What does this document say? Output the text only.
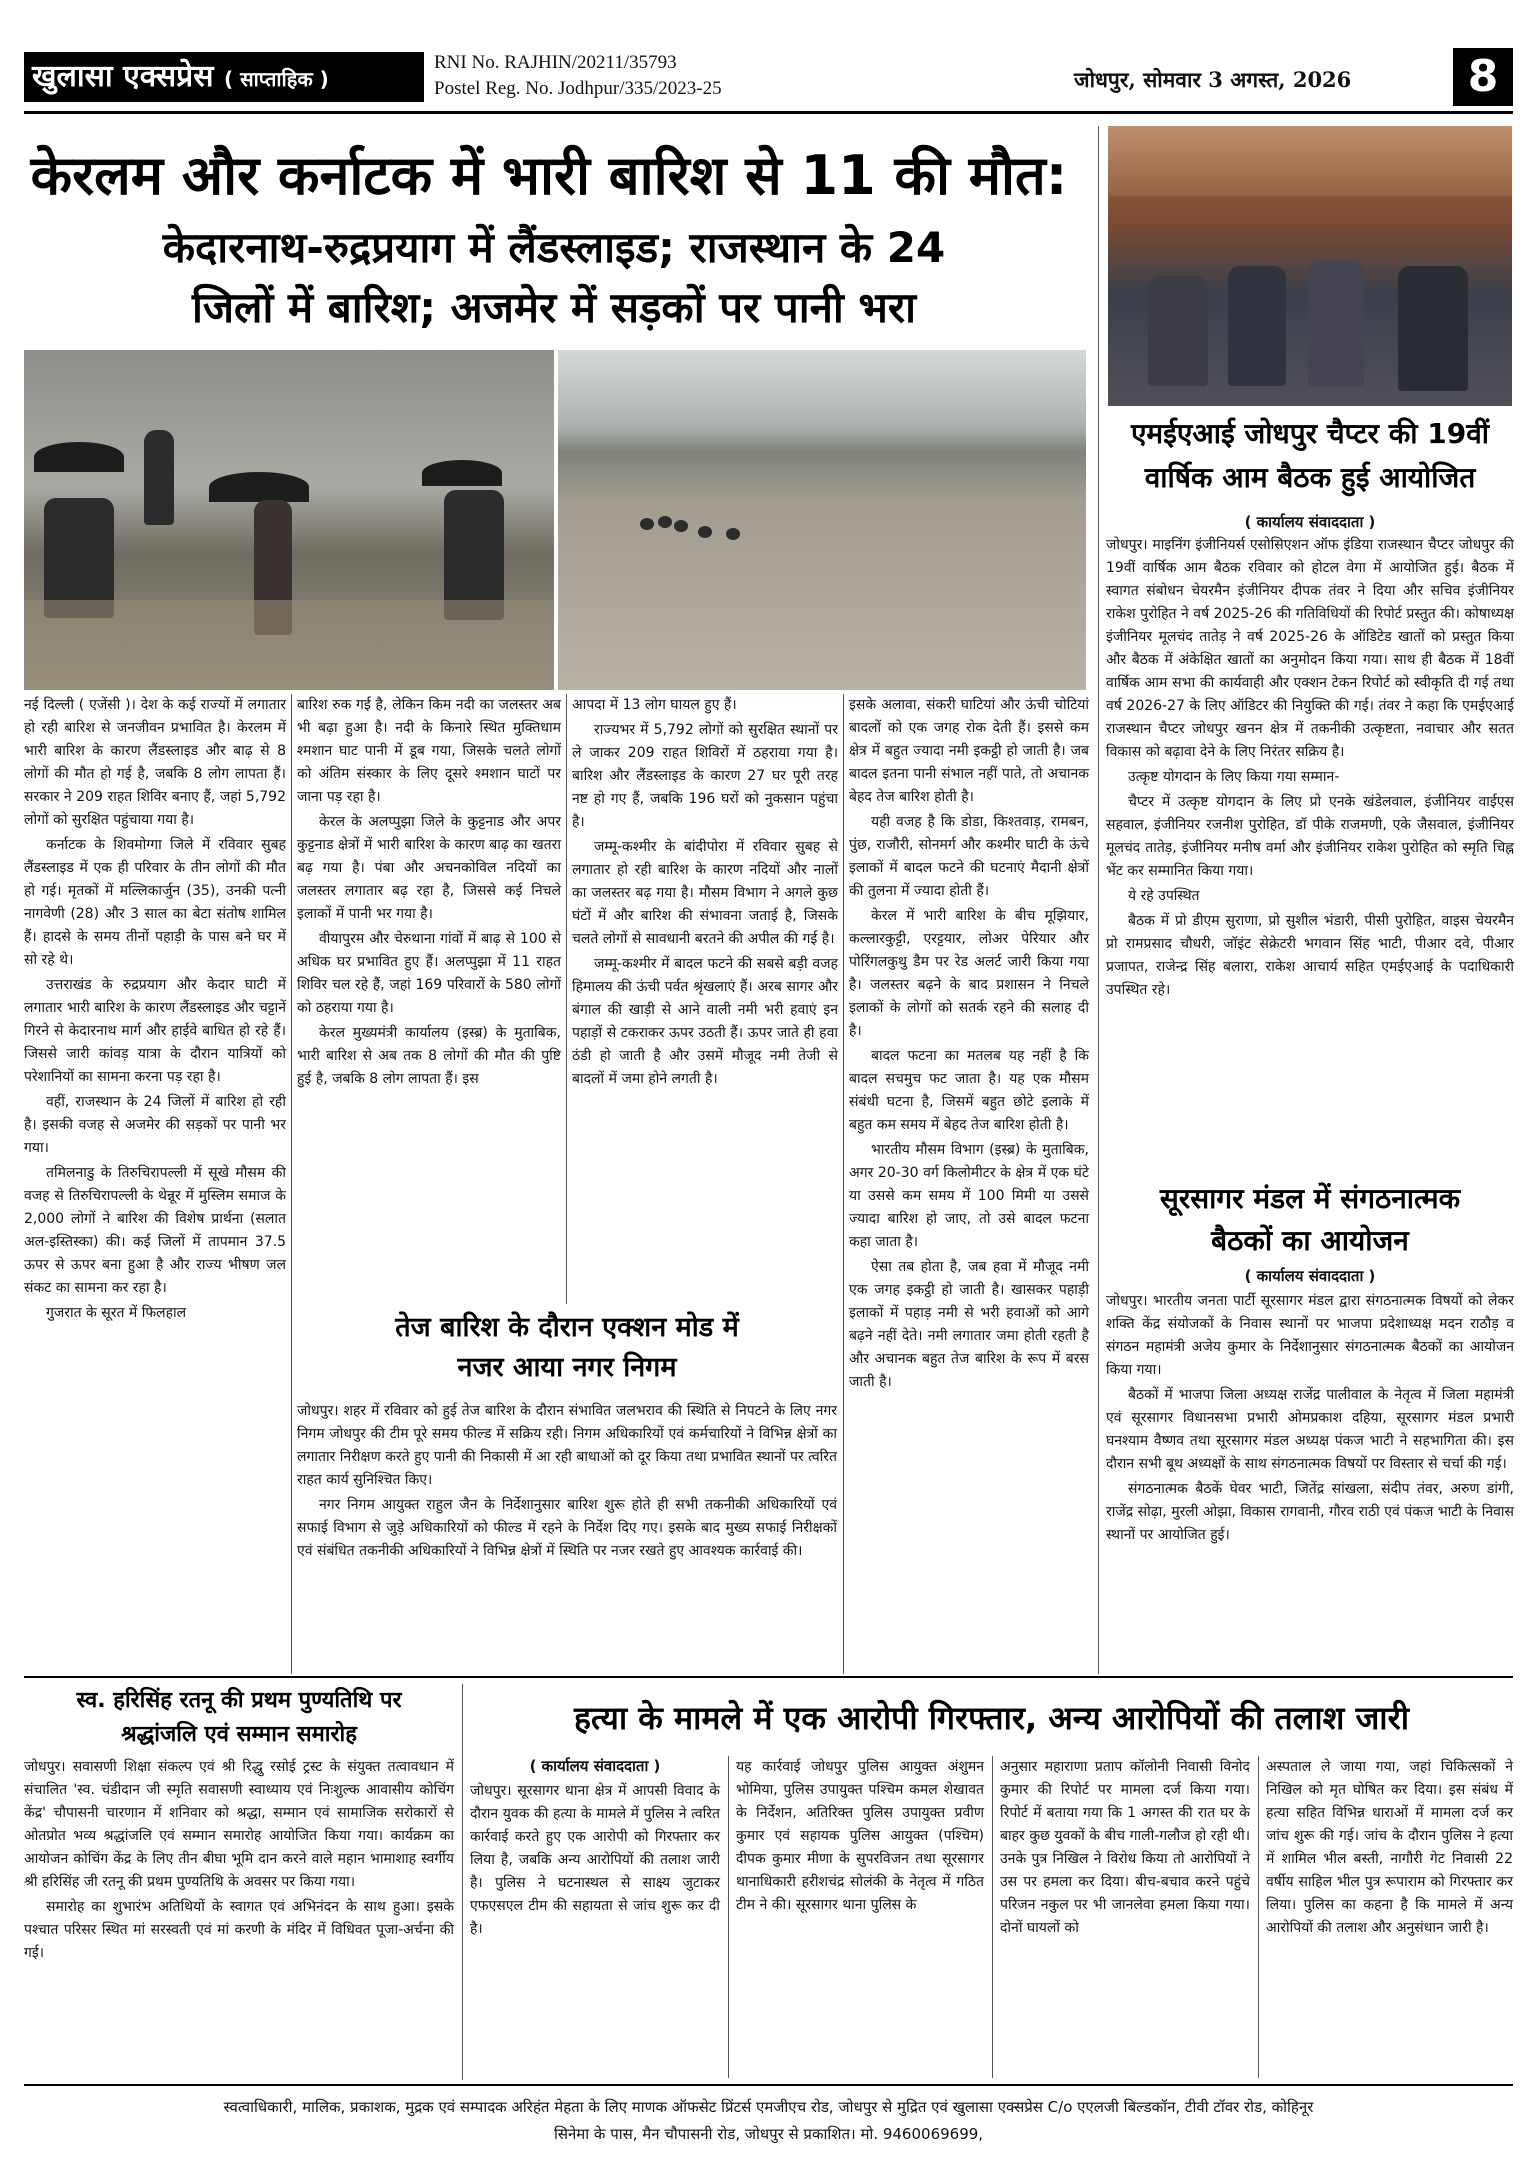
खुलासा एक्सप्रेस ( साप्ताहिक )
RNI No. RAJHIN/20211/35793
Postel Reg. No. Jodhpur/335/2023-25	जोधपुर, सोमवार 3 अगस्त, 2026	8
केरलम और कर्नाटक में भारी बारिश से 11 की मौत:
केदारनाथ-रुद्रप्रयाग में लैंडस्लाइड; राजस्थान के 24
जिलों में बारिश; अजमेर में सड़कों पर पानी भरा

नई दिल्ली ( एजेंसी )। देश के कई राज्यों में लगातार हो रही बारिश से जनजीवन प्रभावित है। केरलम में भारी बारिश के कारण लैंडस्लाइड और बाढ़ से 8 लोगों की मौत हो गई है, जबकि 8 लोग लापता हैं। सरकार ने 209 राहत शिविर बनाए हैं, जहां 5,792 लोगों को सुरक्षित पहुंचाया गया है।

कर्नाटक के शिवमोग्गा जिले में रविवार सुबह लैंडस्लाइड में एक ही परिवार के तीन लोगों की मौत हो गई। मृतकों में मल्लिकार्जुन (35), उनकी पत्नी नागवेणी (28) और 3 साल का बेटा संतोष शामिल हैं। हादसे के समय तीनों पहाड़ी के पास बने घर में सो रहे थे।

उत्तराखंड के रुद्रप्रयाग और केदार घाटी में लगातार भारी बारिश के कारण लैंडस्लाइड और चट्टानें गिरने से केदारनाथ मार्ग और हाईवे बाधित हो रहे हैं। जिससे जारी कांवड़ यात्रा के दौरान यात्रियों को परेशानियों का सामना करना पड़ रहा है।

वहीं, राजस्थान के 24 जिलों में बारिश हो रही है। इसकी वजह से अजमेर की सड़कों पर पानी भर गया।

तमिलनाडु के तिरुचिरापल्ली में सूखे मौसम की वजह से तिरुचिरापल्ली के थेन्नूर में मुस्लिम समाज के 2,000 लोगों ने बारिश की विशेष प्रार्थना (सलात अल-इस्तिस्का) की। कई जिलों में तापमान 37.5 ऊपर से ऊपर बना हुआ है और राज्य भीषण जल संकट का सामना कर रहा है।

गुजरात के सूरत में फिलहाल

बारिश रुक गई है, लेकिन किम नदी का जलस्तर अब भी बढ़ा हुआ है। नदी के किनारे स्थित मुक्तिधाम श्मशान घाट पानी में डूब गया, जिसके चलते लोगों को अंतिम संस्कार के लिए दूसरे श्मशान घाटों पर जाना पड़ रहा है।

केरल के अलप्पुझा जिले के कुट्टनाड और अपर कुट्टनाड क्षेत्रों में भारी बारिश के कारण बाढ़ का खतरा बढ़ गया है। पंबा और अचनकोविल नदियों का जलस्तर लगातार बढ़ रहा है, जिससे कई निचले इलाकों में पानी भर गया है।

वीयापुरम और चेरुथाना गांवों में बाढ़ से 100 से अधिक घर प्रभावित हुए हैं। अलप्पुझा में 11 राहत शिविर चल रहे हैं, जहां 169 परिवारों के 580 लोगों को ठहराया गया है।

केरल मुख्यमंत्री कार्यालय (इस्ब्र) के मुताबिक, भारी बारिश से अब तक 8 लोगों की मौत की पुष्टि हुई है, जबकि 8 लोग लापता हैं। इस

आपदा में 13 लोग घायल हुए हैं।

राज्यभर में 5,792 लोगों को सुरक्षित स्थानों पर ले जाकर 209 राहत शिविरों में ठहराया गया है। बारिश और लैंडस्लाइड के कारण 27 घर पूरी तरह नष्ट हो गए हैं, जबकि 196 घरों को नुकसान पहुंचा है।

जम्मू-कश्मीर के बांदीपोरा में रविवार सुबह से लगातार हो रही बारिश के कारण नदियों और नालों का जलस्तर बढ़ गया है। मौसम विभाग ने अगले कुछ घंटों में और बारिश की संभावना जताई है, जिसके चलते लोगों से सावधानी बरतने की अपील की गई है।

जम्मू-कश्मीर में बादल फटने की सबसे बड़ी वजह हिमालय की ऊंची पर्वत श्रृंखलाएं हैं। अरब सागर और बंगाल की खाड़ी से आने वाली नमी भरी हवाएं इन पहाड़ों से टकराकर ऊपर उठती हैं। ऊपर जाते ही हवा ठंडी हो जाती है और उसमें मौजूद नमी तेजी से बादलों में जमा होने लगती है।

इसके अलावा, संकरी घाटियां और ऊंची चोटियां बादलों को एक जगह रोक देती हैं। इससे कम क्षेत्र में बहुत ज्यादा नमी इकट्ठी हो जाती है। जब बादल इतना पानी संभाल नहीं पाते, तो अचानक बेहद तेज बारिश होती है।

यही वजह है कि डोडा, किश्तवाड़, रामबन, पुंछ, राजौरी, सोनमर्ग और कश्मीर घाटी के ऊंचे इलाकों में बादल फटने की घटनाएं मैदानी क्षेत्रों की तुलना में ज्यादा होती हैं।

केरल में भारी बारिश के बीच मूझियार, कल्लारकुट्टी, एरट्टयार, लोअर पेरियार और पोरिंगलकुथु डैम पर रेड अलर्ट जारी किया गया है। जलस्तर बढ़ने के बाद प्रशासन ने निचले इलाकों के लोगों को सतर्क रहने की सलाह दी है।

बादल फटना का मतलब यह नहीं है कि बादल सचमुच फट जाता है। यह एक मौसम संबंधी घटना है, जिसमें बहुत छोटे इलाके में बहुत कम समय में बेहद तेज बारिश होती है।

भारतीय मौसम विभाग (इस्ब्र) के मुताबिक, अगर 20-30 वर्ग किलोमीटर के क्षेत्र में एक घंटे या उससे कम समय में 100 मिमी या उससे ज्यादा बारिश हो जाए, तो उसे बादल फटना कहा जाता है।

ऐसा तब होता है, जब हवा में मौजूद नमी एक जगह इकट्ठी हो जाती है। खासकर पहाड़ी इलाकों में पहाड़ नमी से भरी हवाओं को आगे बढ़ने नहीं देते। नमी लगातार जमा होती रहती है और अचानक बहुत तेज बारिश के रूप में बरस जाती है।

तेज बारिश के दौरान एक्शन मोड में
नजर आया नगर निगम

जोधपुर। शहर में रविवार को हुई तेज बारिश के दौरान संभावित जलभराव की स्थिति से निपटने के लिए नगर निगम जोधपुर की टीम पूरे समय फील्ड में सक्रिय रही। निगम अधिकारियों एवं कर्मचारियों ने विभिन्न क्षेत्रों का लगातार निरीक्षण करते हुए पानी की निकासी में आ रही बाधाओं को दूर किया तथा प्रभावित स्थानों पर त्वरित राहत कार्य सुनिश्चित किए।

नगर निगम आयुक्त राहुल जैन के निर्देशानुसार बारिश शुरू होते ही सभी तकनीकी अधिकारियों एवं सफाई विभाग से जुड़े अधिकारियों को फील्ड में रहने के निर्देश दिए गए। इसके बाद मुख्य सफाई निरीक्षकों एवं संबंधित तकनीकी अधिकारियों ने विभिन्न क्षेत्रों में स्थिति पर नजर रखते हुए आवश्यक कार्रवाई की।

एमईएआई जोधपुर चैप्टर की 19वीं
वार्षिक आम बैठक हुई आयोजित
( कार्यालय संवाददाता )

जोधपुर। माइनिंग इंजीनियर्स एसोसिएशन ऑफ इंडिया राजस्थान चैप्टर जोधपुर की 19वीं वार्षिक आम बैठक रविवार को होटल वेगा में आयोजित हुई। बैठक में स्वागत संबोधन चेयरमैन इंजीनियर दीपक तंवर ने दिया और सचिव इंजीनियर राकेश पुरोहित ने वर्ष 2025-26 की गतिविधियों की रिपोर्ट प्रस्तुत की। कोषाध्यक्ष इंजीनियर मूलचंद तातेड़ ने वर्ष 2025-26 के ऑडिटेड खातों को प्रस्तुत किया और बैठक में अंकेक्षित खातों का अनुमोदन किया गया। साथ ही बैठक में 18वीं वार्षिक आम सभा की कार्यवाही और एक्शन टेकन रिपोर्ट को स्वीकृति दी गई तथा वर्ष 2026-27 के लिए ऑडिटर की नियुक्ति की गई। तंवर ने कहा कि एमईएआई राजस्थान चैप्टर जोधपुर खनन क्षेत्र में तकनीकी उत्कृष्टता, नवाचार और सतत विकास को बढ़ावा देने के लिए निरंतर सक्रिय है।

उत्कृष्ट योगदान के लिए किया गया सम्मान-

चैप्टर में उत्कृष्ट योगदान के लिए प्रो एनके खंडेलवाल, इंजीनियर वाईएस सहवाल, इंजीनियर रजनीश पुरोहित, डॉ पीके राजमणी, एके जैसवाल, इंजीनियर मूलचंद तातेड़, इंजीनियर मनीष वर्मा और इंजीनियर राकेश पुरोहित को स्मृति चिह्न भेंट कर सम्मानित किया गया।

ये रहे उपस्थित

बैठक में प्रो डीएम सुराणा, प्रो सुशील भंडारी, पीसी पुरोहित, वाइस चेयरमैन प्रो रामप्रसाद चौधरी, जॉइंट सेक्रेटरी भगवान सिंह भाटी, पीआर दवे, पीआर प्रजापत, राजेन्द्र सिंह बलारा, राकेश आचार्य सहित एमईएआई के पदाधिकारी उपस्थित रहे।

सूरसागर मंडल में संगठनात्मक
बैठकों का आयोजन
( कार्यालय संवाददाता )

जोधपुर। भारतीय जनता पार्टी सूरसागर मंडल द्वारा संगठनात्मक विषयों को लेकर शक्ति केंद्र संयोजकों के निवास स्थानों पर भाजपा प्रदेशाध्यक्ष मदन राठौड़ व संगठन महामंत्री अजेय कुमार के निर्देशानुसार संगठनात्मक बैठकों का आयोजन किया गया।

बैठकों में भाजपा जिला अध्यक्ष राजेंद्र पालीवाल के नेतृत्व में जिला महामंत्री एवं सूरसागर विधानसभा प्रभारी ओमप्रकाश दहिया, सूरसागर मंडल प्रभारी घनश्याम वैष्णव तथा सूरसागर मंडल अध्यक्ष पंकज भाटी ने सहभागिता की। इस दौरान सभी बूथ अध्यक्षों के साथ संगठनात्मक विषयों पर विस्तार से चर्चा की गई।

संगठनात्मक बैठकें घेवर भाटी, जितेंद्र सांखला, संदीप तंवर, अरुण डांगी, राजेंद्र सोढ़ा, मुरली ओझा, विकास रागवानी, गौरव राठी एवं पंकज भाटी के निवास स्थानों पर आयोजित हुई।

स्व. हरिसिंह रतनू की प्रथम पुण्यतिथि पर
श्रद्धांजलि एवं सम्मान समारोह

जोधपुर। सवासणी शिक्षा संकल्प एवं श्री रिद्धु रसोई ट्रस्ट के संयुक्त तत्वावधान में संचालित 'स्व. चंडीदान जी स्मृति सवासणी स्वाध्याय एवं निःशुल्क आवासीय कोचिंग केंद्र' चौपासनी चारणान में शनिवार को श्रद्धा, सम्मान एवं सामाजिक सरोकारों से ओतप्रोत भव्य श्रद्धांजलि एवं सम्मान समारोह आयोजित किया गया। कार्यक्रम का आयोजन कोचिंग केंद्र के लिए तीन बीघा भूमि दान करने वाले महान भामाशाह स्वर्गीय श्री हरिसिंह जी रतनू की प्रथम पुण्यतिथि के अवसर पर किया गया।

समारोह का शुभारंभ अतिथियों के स्वागत एवं अभिनंदन के साथ हुआ। इसके पश्चात परिसर स्थित मां सरस्वती एवं मां करणी के मंदिर में विधिवत पूजा-अर्चना की गई।

हत्या के मामले में एक आरोपी गिरफ्तार, अन्य आरोपियों की तलाश जारी
( कार्यालय संवाददाता )

जोधपुर। सूरसागर थाना क्षेत्र में आपसी विवाद के दौरान युवक की हत्या के मामले में पुलिस ने त्वरित कार्रवाई करते हुए एक आरोपी को गिरफ्तार कर लिया है, जबकि अन्य आरोपियों की तलाश जारी है। पुलिस ने घटनास्थल से साक्ष्य जुटाकर एफएसएल टीम की सहायता से जांच शुरू कर दी है।

यह कार्रवाई जोधपुर पुलिस आयुक्त अंशुमन भोमिया, पुलिस उपायुक्त पश्चिम कमल शेखावत के निर्देशन, अतिरिक्त पुलिस उपायुक्त प्रवीण कुमार एवं सहायक पुलिस आयुक्त (पश्चिम) दीपक कुमार मीणा के सुपरविजन तथा सूरसागर थानाधिकारी हरीशचंद्र सोलंकी के नेतृत्व में गठित टीम ने की। सूरसागर थाना पुलिस के

अनुसार महाराणा प्रताप कॉलोनी निवासी विनोद कुमार की रिपोर्ट पर मामला दर्ज किया गया। रिपोर्ट में बताया गया कि 1 अगस्त की रात घर के बाहर कुछ युवकों के बीच गाली-गलौज हो रही थी। उनके पुत्र निखिल ने विरोध किया तो आरोपियों ने उस पर हमला कर दिया। बीच-बचाव करने पहुंचे परिजन नकुल पर भी जानलेवा हमला किया गया। दोनों घायलों को

अस्पताल ले जाया गया, जहां चिकित्सकों ने निखिल को मृत घोषित कर दिया। इस संबंध में हत्या सहित विभिन्न धाराओं में मामला दर्ज कर जांच शुरू की गई। जांच के दौरान पुलिस ने हत्या में शामिल भील बस्ती, नागौरी गेट निवासी 22 वर्षीय साहिल भील पुत्र रूपाराम को गिरफ्तार कर लिया। पुलिस का कहना है कि मामले में अन्य आरोपियों की तलाश और अनुसंधान जारी है।

स्वत्वाधिकारी, मालिक, प्रकाशक, मुद्रक एवं सम्पादक अरिहंत मेहता के लिए माणक ऑफसेट प्रिंटर्स एमजीएच रोड, जोधपुर से मुद्रित एवं खुलासा एक्सप्रेस C/o एएलजी बिल्डकॉन, टीवी टॉवर रोड, कोहिनूर
सिनेमा के पास, मैन चौपासनी रोड, जोधपुर से प्रकाशित। मो. 9460069699,
